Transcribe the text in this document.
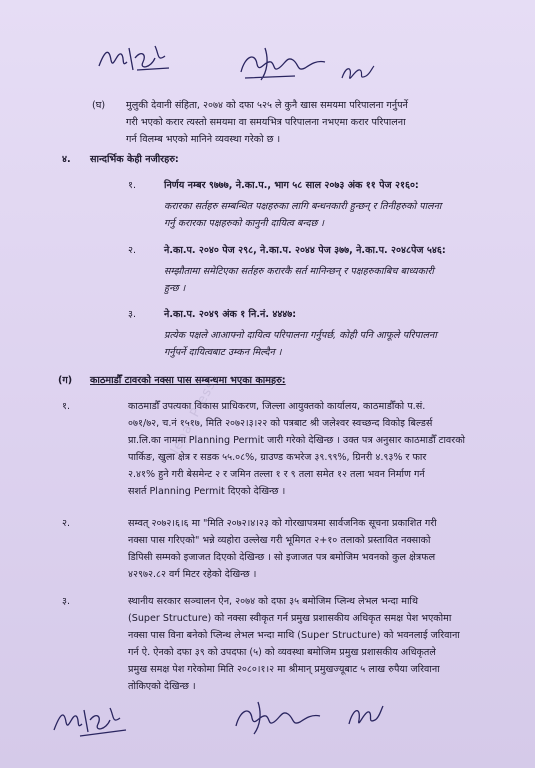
(घ) मुलुकी देवानी संहिता, २०७४ को दफा ५२५ ले कुनै खास समयमा परिपालना गर्नुपर्ने
गरी भएको करार त्यस्तो समयमा वा समयभित्र परिपालना नभएमा करार परिपालना
गर्न विलम्ब भएको मानिने व्यवस्था गरेको छ ।
४. सान्दर्भिक केही नजीरहरु:
१.	निर्णय नम्बर ९७७७, ने.का.प., भाग ५८ साल २०७३ अंक ११ पेज २१६०:
करारका सर्तहरु सम्बन्धित पक्षहरुका लागि बन्धनकारी हुन्छन् र तिनीहरुको पालना
गर्नु करारका पक्षहरुको कानुनी दायित्व बन्दछ ।
२.	ने.का.प. २०४० पेज २९८, ने.का.प. २०४४ पेज ३७७, ने.का.प. २०४८पेज ५४६:
सम्झौतामा समेटिएका सर्तहरु करारकै सर्त मानिन्छन् र पक्षहरुकाबिच बाध्यकारी
हुन्छ ।
३.	ने.का.प. २०४९ अंक १ नि.नं. ४४४७:
प्रत्येक पक्षले आआफ्नो दायित्व परिपालना गर्नुपर्छ, कोही पनि आफूले परिपालना
गर्नुपर्ने दायित्वबाट उम्कन मिल्दैन ।
(ग) काठमाडौँ टावरको नक्सा पास सम्बन्धमा भएका कामहरु:
१.	काठमाडौँ उपत्यका विकास प्राधिकरण, जिल्ला आयुक्तको कार्यालय, काठमाडौँको प.सं.
०७१/७२, च.नं १५१७, मिति २०७२।३।२२ को पत्रबाट श्री जलेश्वर स्वच्छन्द विकोइ बिल्डर्स
प्रा.लि.का नाममा Planning Permit जारी गरेको देखिन्छ । उक्त पत्र अनुसार काठमाडौँ टावरको
पार्किङ, खुला क्षेत्र र सडक ५५.०८%, ग्राउण्ड कभरेज ३९.९९%, ग्रिनरी ४.९३% र फार
२.४१% हुने गरी बेसमेन्ट २ र जमिन तल्ला १ र ९ तला समेत १२ तला भवन निर्माण गर्न
सशर्त Planning Permit दिएको देखिन्छ ।
२.	सम्वत् २०७२।६।६ मा "मिति २०७२।४।२३ को गोरखापत्रमा सार्वजनिक सूचना प्रकाशित गरी
नक्सा पास गरिएको" भन्ने व्यहोरा उल्लेख गरी भूमिगत २+१० तलाको प्रस्तावित नक्साको
डिपिसी सम्मको इजाजत दिएको देखिन्छ । सो इजाजत पत्र बमोजिम भवनको कुल क्षेत्रफल
४२९७२.८२ वर्ग मिटर रहेको देखिन्छ ।
३.	स्थानीय सरकार सञ्चालन ऐन, २०७४ को दफा ३५ बमोजिम प्लिन्थ लेभल भन्दा माथि
(Super Structure) को नक्सा स्वीकृत गर्न प्रमुख प्रशासकीय अधिकृत समक्ष पेश भएकोमा
नक्सा पास विना बनेको प्लिन्थ लेभल भन्दा माथि (Super Structure) को भवनलाई जरिवाना
गर्न ऐ. ऐनको दफा ३९ को उपदफा (५) को व्यवस्था बमोजिम प्रमुख प्रशासकीय अधिकृतले
प्रमुख समक्ष पेश गरेकोमा मिति २०८०।१।२ मा श्रीमान् प्रमुखज्यूबाट ५ लाख रुपैया जरिवाना
तोकिएको देखिन्छ ।
Nepal Press
